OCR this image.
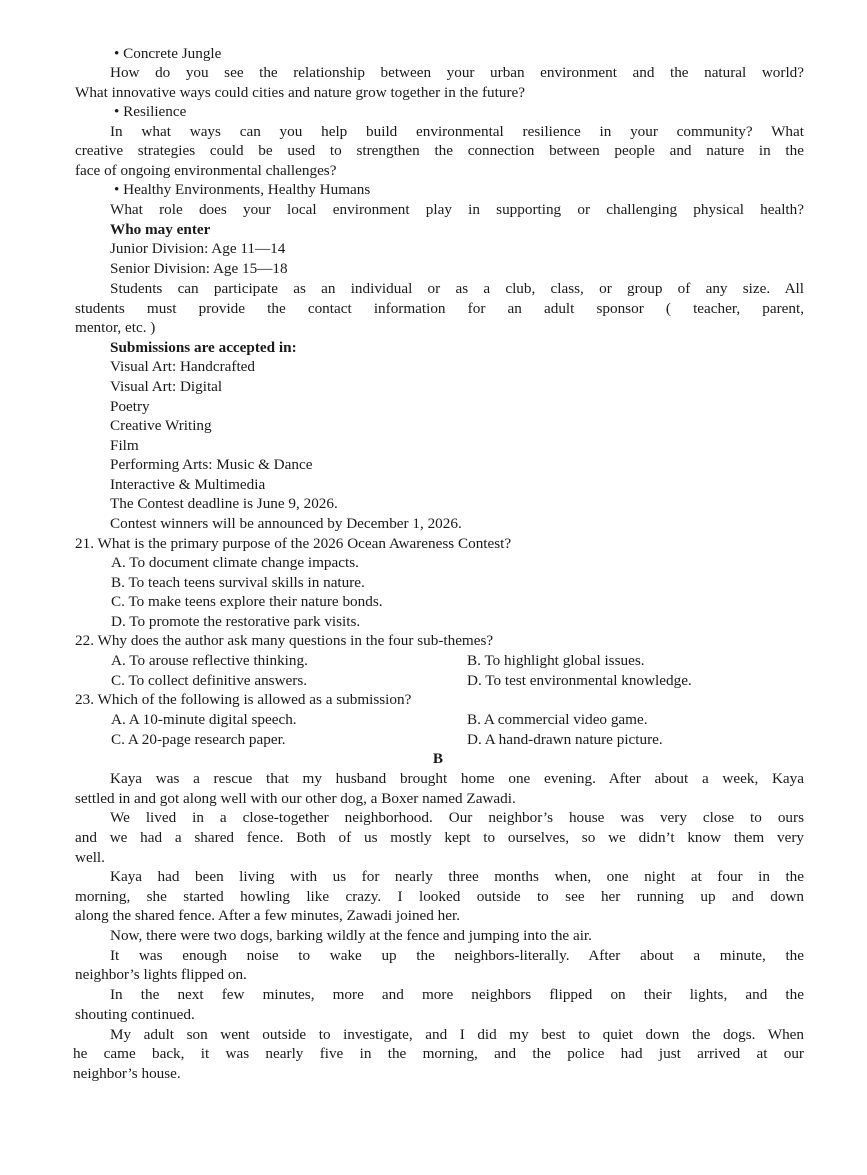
• Concrete Jungle
How do you see the relationship between your urban environment and the natural world?
What innovative ways could cities and nature grow together in the future?
• Resilience
In what ways can you help build environmental resilience in your community? What
creative strategies could be used to strengthen the connection between people and nature in the
face of ongoing environmental challenges?
• Healthy Environments, Healthy Humans
What role does your local environment play in supporting or challenging physical health?
Who may enter
Junior Division: Age 11—14
Senior Division: Age 15—18
Students can participate as an individual or as a club, class, or group of any size. All
students must provide the contact information for an adult sponsor ( teacher, parent,
mentor, etc. )
Submissions are accepted in:
Visual Art: Handcrafted
Visual Art: Digital
Poetry
Creative Writing
Film
Performing Arts: Music & Dance
Interactive & Multimedia
The Contest deadline is June 9, 2026.
Contest winners will be announced by December 1, 2026.
21. What is the primary purpose of the 2026 Ocean Awareness Contest?
A. To document climate change impacts.
B. To teach teens survival skills in nature.
C. To make teens explore their nature bonds.
D. To promote the restorative park visits.
22. Why does the author ask many questions in the four sub-themes?
A. To arouse reflective thinking.	B. To highlight global issues.
C. To collect definitive answers.	D. To test environmental knowledge.
23. Which of the following is allowed as a submission?
A. A 10-minute digital speech.	B. A commercial video game.
C. A 20-page research paper.	D. A hand-drawn nature picture.
B
Kaya was a rescue that my husband brought home one evening. After about a week, Kaya
settled in and got along well with our other dog, a Boxer named Zawadi.
We lived in a close-together neighborhood. Our neighbor’s house was very close to ours
and we had a shared fence. Both of us mostly kept to ourselves, so we didn’t know them very
well.
Kaya had been living with us for nearly three months when, one night at four in the
morning, she started howling like crazy. I looked outside to see her running up and down
along the shared fence. After a few minutes, Zawadi joined her.
Now, there were two dogs, barking wildly at the fence and jumping into the air.
It was enough noise to wake up the neighbors-literally. After about a minute, the
neighbor’s lights flipped on.
In the next few minutes, more and more neighbors flipped on their lights, and the
shouting continued.
My adult son went outside to investigate, and I did my best to quiet down the dogs. When
he came back, it was nearly five in the morning, and the police had just arrived at our
neighbor’s house.
